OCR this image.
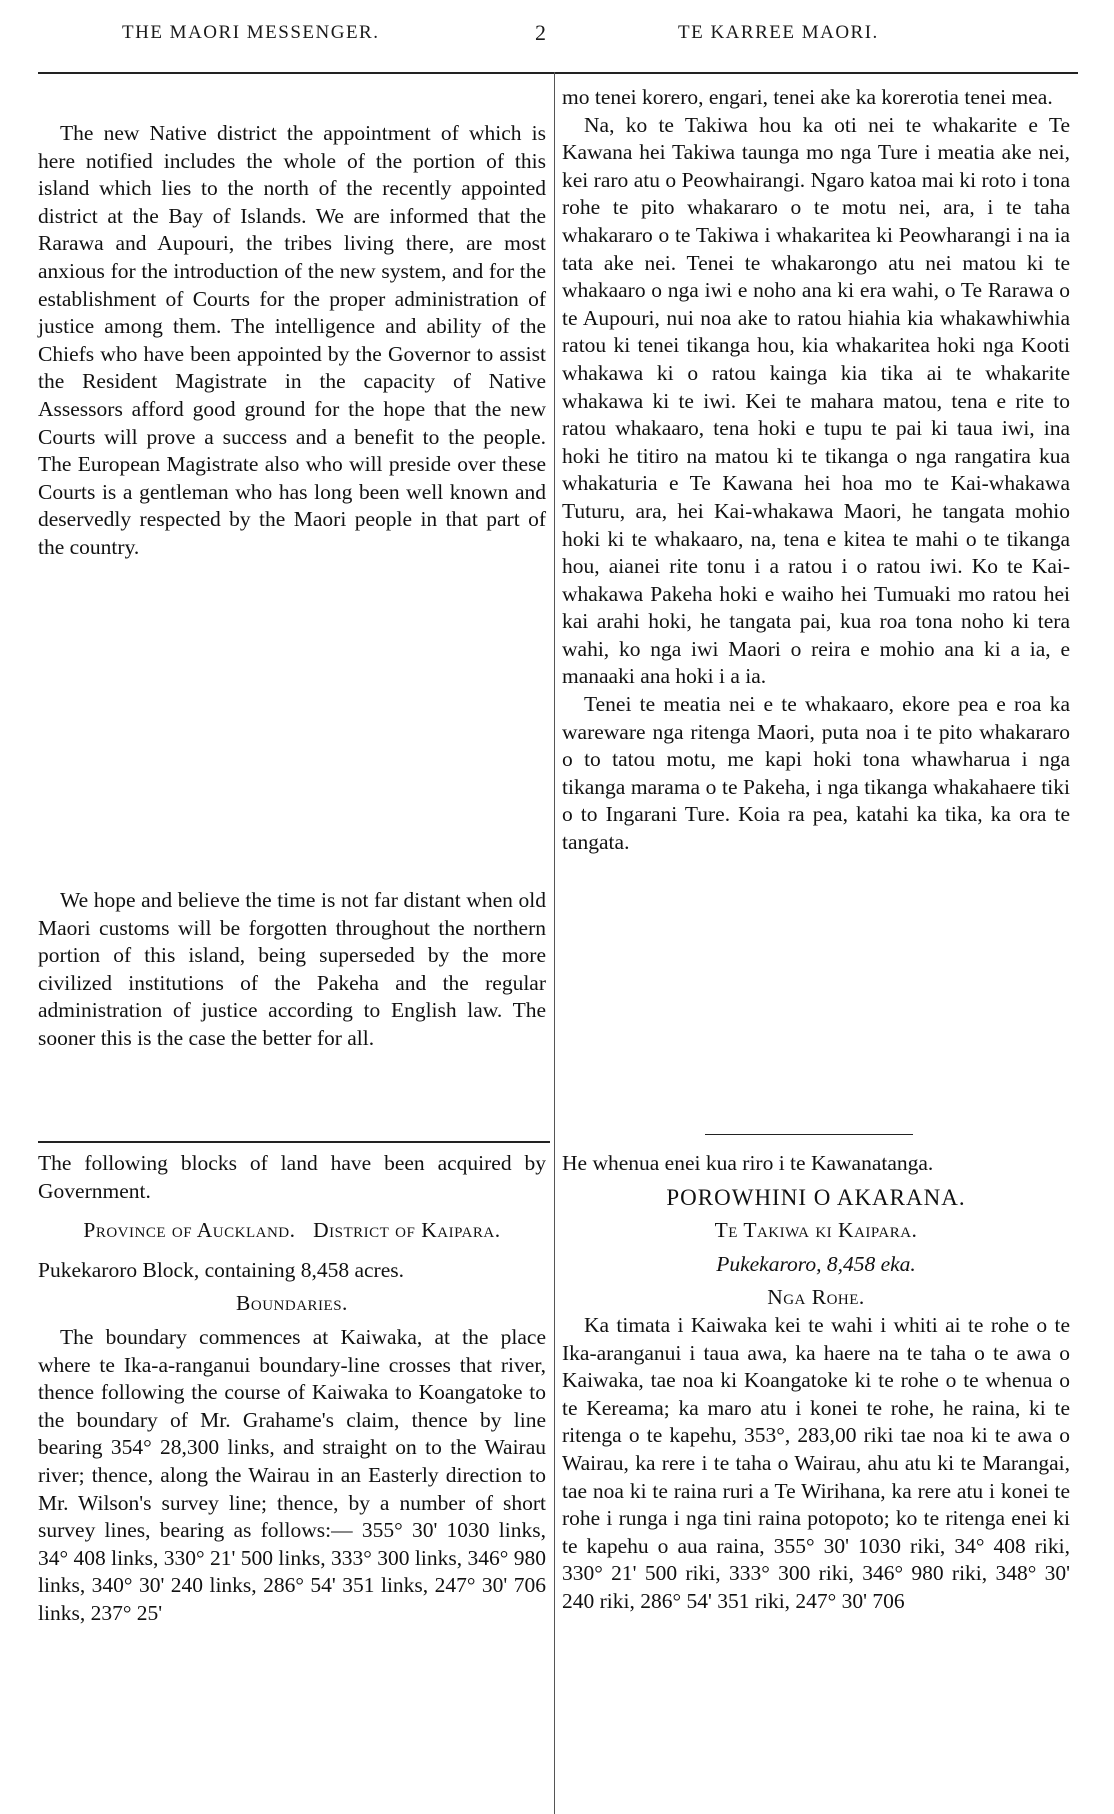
THE MAORI MESSENGER.	2	TE KARREE MAORI.

The new Native district the appointment of which is here notified includes the whole of the portion of this island which lies to the north of the recently appointed district at the Bay of Islands. We are informed that the Rarawa and Aupouri, the tribes living there, are most anxious for the introduction of the new system, and for the establishment of Courts for the proper administration of justice among them. The intelligence and ability of the Chiefs who have been appointed by the Governor to assist the Resident Magistrate in the capacity of Native Assessors afford good ground for the hope that the new Courts will prove a success and a benefit to the people. The European Magistrate also who will preside over these Courts is a gentleman who has long been well known and deservedly respected by the Maori people in that part of the country.

We hope and believe the time is not far distant when old Maori customs will be forgotten throughout the northern portion of this island, being superseded by the more civilized institutions of the Pakeha and the regular administration of justice according to English law. The sooner this is the case the better for all.

The following blocks of land have been acquired by Government.

Province of Auckland. District of Kaipara.

Pukekaroro Block, containing 8,458 acres.

Boundaries.

The boundary commences at Kaiwaka, at the place where te Ika-a-ranganui boundary-line crosses that river, thence following the course of Kaiwaka to Koangatoke to the boundary of Mr. Grahame's claim, thence by line bearing 354° 28,300 links, and straight on to the Wairau river; thence, along the Wairau in an Easterly direction to Mr. Wilson's survey line; thence, by a number of short survey lines, bearing as follows:— 355° 30' 1030 links, 34° 408 links, 330° 21' 500 links, 333° 300 links, 346° 980 links, 340° 30' 240 links, 286° 54' 351 links, 247° 30' 706 links, 237° 25'

mo tenei korero, engari, tenei ake ka korerotia tenei mea.

Na, ko te Takiwa hou ka oti nei te whakarite e Te Kawana hei Takiwa taunga mo nga Ture i meatia ake nei, kei raro atu o Peowhairangi. Ngaro katoa mai ki roto i tona rohe te pito whakararo o te motu nei, ara, i te taha whakararo o te Takiwa i whakaritea ki Peowharangi i na ia tata ake nei. Tenei te whakarongo atu nei matou ki te whakaaro o nga iwi e noho ana ki era wahi, o Te Rarawa o te Aupouri, nui noa ake to ratou hiahia kia whakawhiwhia ratou ki tenei tikanga hou, kia whakaritea hoki nga Kooti whakawa ki o ratou kainga kia tika ai te whakarite whakawa ki te iwi. Kei te mahara matou, tena e rite to ratou whakaaro, tena hoki e tupu te pai ki taua iwi, ina hoki he titiro na matou ki te tikanga o nga rangatira kua whakaturia e Te Kawana hei hoa mo te Kai-whakawa Tuturu, ara, hei Kai-whakawa Maori, he tangata mohio hoki ki te whakaaro, na, tena e kitea te mahi o te tikanga hou, aianei rite tonu i a ratou i o ratou iwi. Ko te Kai-whakawa Pakeha hoki e waiho hei Tumuaki mo ratou hei kai arahi hoki, he tangata pai, kua roa tona noho ki tera wahi, ko nga iwi Maori o reira e mohio ana ki a ia, e manaaki ana hoki i a ia.

Tenei te meatia nei e te whakaaro, ekore pea e roa ka wareware nga ritenga Maori, puta noa i te pito whakararo o to tatou motu, me kapi hoki tona whawharua i nga tikanga marama o te Pakeha, i nga tikanga whakahaere tiki o to Ingarani Ture. Koia ra pea, katahi ka tika, ka ora te tangata.

He whenua enei kua riro i te Kawanatanga.

POROWHINI O AKARANA.

Te Takiwa ki Kaipara.

Pukekaroro, 8,458 eka.

Nga Rohe.

Ka timata i Kaiwaka kei te wahi i whiti ai te rohe o te Ika-aranganui i taua awa, ka haere na te taha o te awa o Kaiwaka, tae noa ki Koangatoke ki te rohe o te whenua o te Kereama; ka maro atu i konei te rohe, he raina, ki te ritenga o te kapehu, 353°, 283,00 riki tae noa ki te awa o Wairau, ka rere i te taha o Wairau, ahu atu ki te Marangai, tae noa ki te raina ruri a Te Wirihana, ka rere atu i konei te rohe i runga i nga tini raina potopoto; ko te ritenga enei ki te kapehu o aua raina, 355° 30' 1030 riki, 34° 408 riki, 330° 21' 500 riki, 333° 300 riki, 346° 980 riki, 348° 30' 240 riki, 286° 54' 351 riki, 247° 30' 706
